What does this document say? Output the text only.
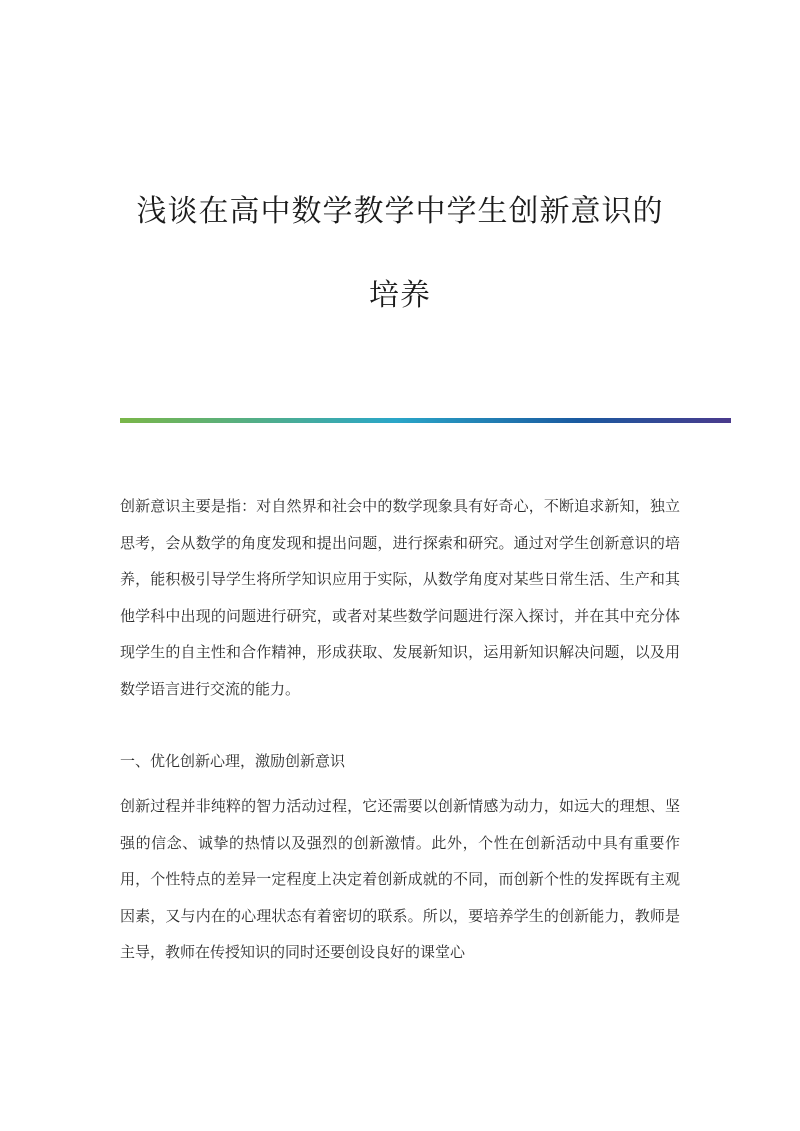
浅谈在高中数学教学中学生创新意识的
培养

创新意识主要是指：对自然界和社会中的数学现象具有好奇心，不断追求新知，独立思考，会从数学的角度发现和提出问题，进行探索和研究。通过对学生创新意识的培养，能积极引导学生将所学知识应用于实际，从数学角度对某些日常生活、生产和其他学科中出现的问题进行研究，或者对某些数学问题进行深入探讨，并在其中充分体现学生的自主性和合作精神，形成获取、发展新知识，运用新知识解决问题，以及用数学语言进行交流的能力。

一、优化创新心理，激励创新意识

创新过程并非纯粹的智力活动过程，它还需要以创新情感为动力，如远大的理想、坚强的信念、诚挚的热情以及强烈的创新激情。此外，个性在创新活动中具有重要作用，个性特点的差异一定程度上决定着创新成就的不同，而创新个性的发挥既有主观因素，又与内在的心理状态有着密切的联系。所以，要培养学生的创新能力，教师是主导，教师在传授知识的同时还要创设良好的课堂心
